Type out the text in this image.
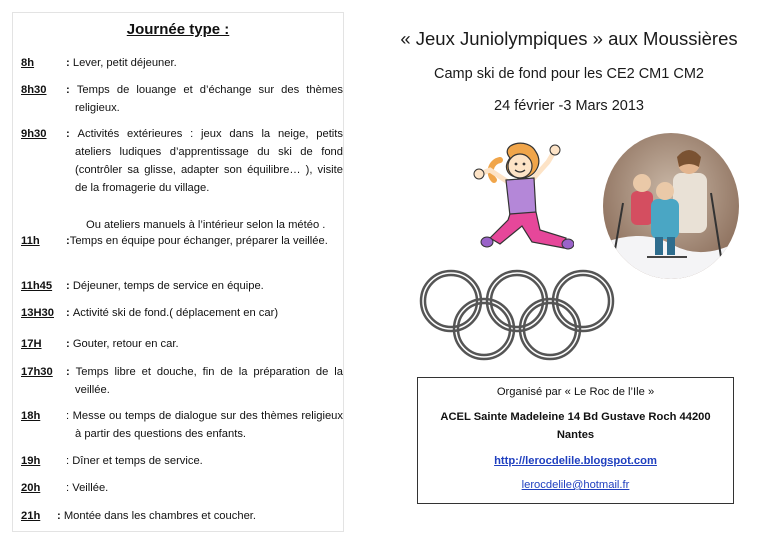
Journée type :
8h	: Lever, petit déjeuner.
8h30 : Temps de louange et d’échange sur des thèmes religieux.
9h30 : Activités extérieures : jeux dans la neige, petits ateliers ludiques d’apprentissage du ski de fond (contrôler sa glisse, adapter son équilibre… ), visite de la fromagerie du village.
Ou ateliers manuels à l’intérieur selon la météo .
11h :Temps en équipe pour échanger, préparer la veillée.
11h45 : Déjeuner, temps de service en équipe.
13H30 : Activité ski de fond.( déplacement en car)
17H : Gouter, retour en car.
17h30 : Temps libre et douche, fin de la préparation de la veillée.
18h : Messe ou temps de dialogue sur des thèmes religieux à partir des questions des enfants.
19h : Dîner et temps de service.
20h : Veillée.
21h : Montée dans les chambres et coucher.
« Jeux Juniolympiques » aux Moussières
Camp ski de fond pour les CE2 CM1 CM2
24 février -3 Mars 2013
Organisé par « Le Roc de l’Ile »
ACEL Sainte Madeleine 14 Bd Gustave Roch 44200 Nantes
http://lerocdelile.blogspot.com
lerocdelile@hotmail.fr
